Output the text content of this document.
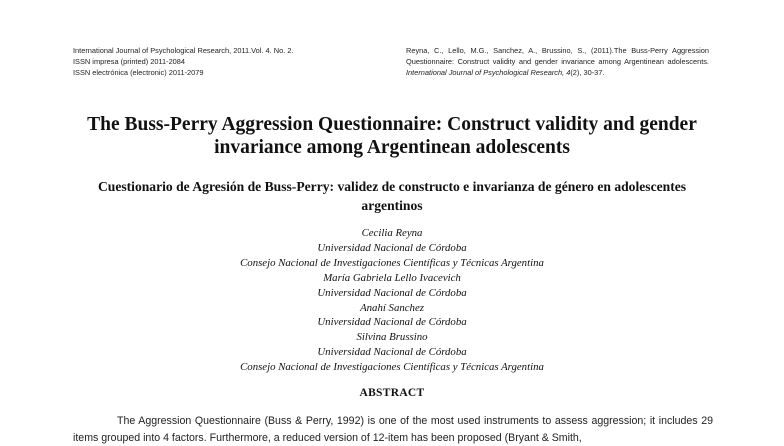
International Journal of Psychological Research, 2011.Vol. 4. No. 2.
ISSN impresa (printed) 2011-2084
ISSN electrónica (electronic) 2011-2079
Reyna, C., Lello, M.G., Sanchez, A., Brussino, S., (2011).The Buss-Perry Aggression Questionnaire: Construct validity and gender invariance among Argentinean adolescents. International Journal of Psychological Research, 4(2), 30-37.
The Buss-Perry Aggression Questionnaire: Construct validity and gender invariance among Argentinean adolescents
Cuestionario de Agresión de Buss-Perry: validez de constructo e invarianza de género en adolescentes argentinos
Cecilia Reyna
Universidad Nacional de Córdoba
Consejo Nacional de Investigaciones Científicas y Técnicas Argentina
María Gabriela Lello Ivacevich
Universidad Nacional de Córdoba
Anahí Sanchez
Universidad Nacional de Córdoba
Silvina Brussino
Universidad Nacional de Córdoba
Consejo Nacional de Investigaciones Científicas y Técnicas Argentina
ABSTRACT

The Aggression Questionnaire (Buss & Perry, 1992) is one of the most used instruments to assess aggression; it includes 29 items grouped into 4 factors. Furthermore, a reduced version of 12-item has been proposed (Bryant & Smith,
